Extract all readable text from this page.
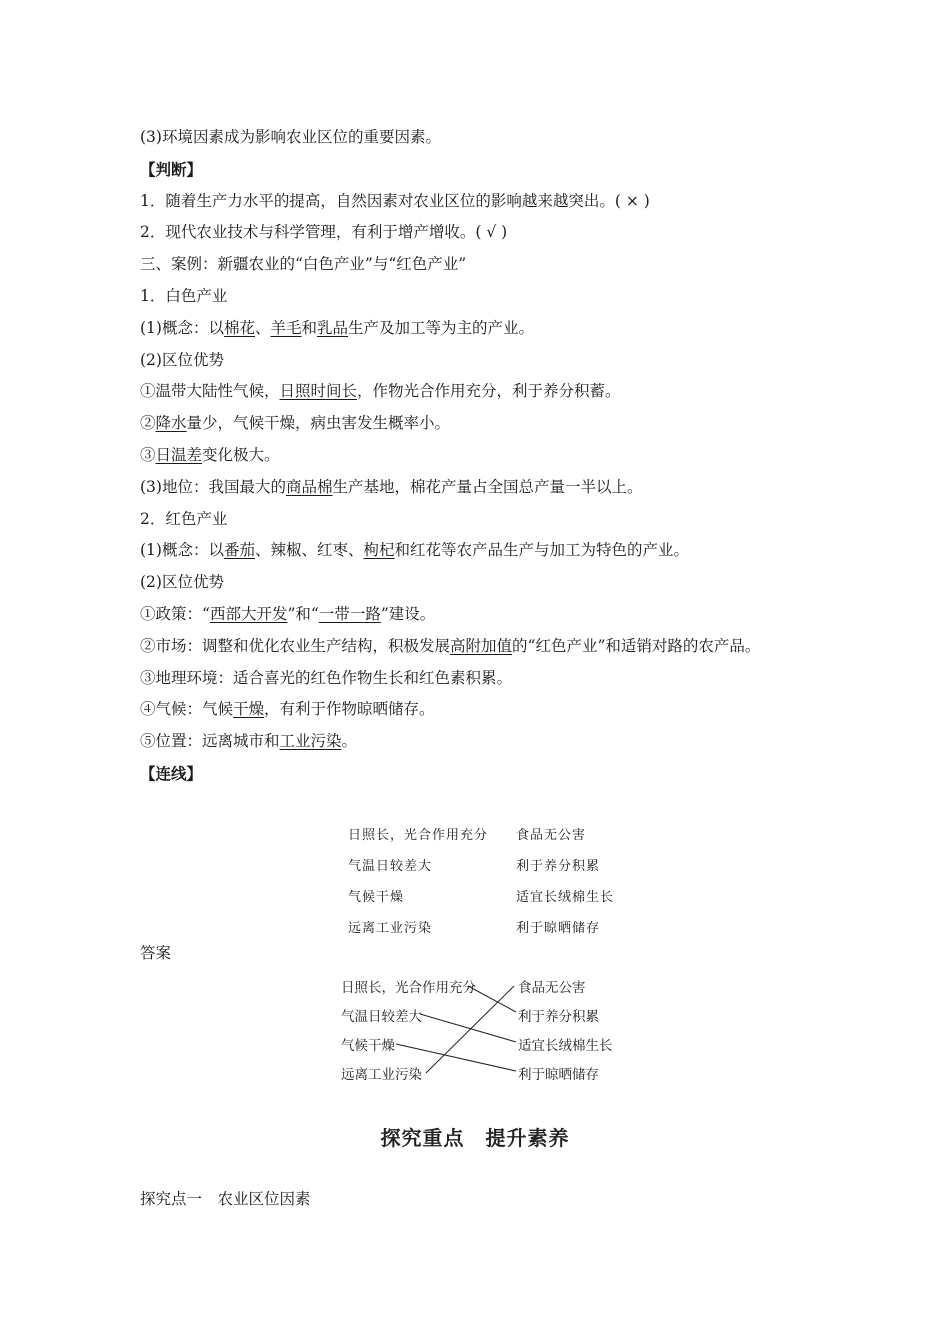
(3)环境因素成为影响农业区位的重要因素。
【判断】
1．随着生产力水平的提高，自然因素对农业区位的影响越来越突出。( × )
2．现代农业技术与科学管理，有利于增产增收。( √ )
三、案例：新疆农业的“白色产业”与“红色产业”
1．白色产业
(1)概念：以棉花、羊毛和乳品生产及加工等为主的产业。
(2)区位优势
①温带大陆性气候，日照时间长，作物光合作用充分，利于养分积蓄。
②降水量少，气候干燥，病虫害发生概率小。
③日温差变化极大。
(3)地位：我国最大的商品棉生产基地，棉花产量占全国总产量一半以上。
2．红色产业
(1)概念：以番茄、辣椒、红枣、枸杞和红花等农产品生产与加工为特色的产业。
(2)区位优势
①政策：“西部大开发”和“一带一路”建设。
②市场：调整和优化农业生产结构，积极发展高附加值的“红色产业”和适销对路的农产品。
③地理环境：适合喜光的红色作物生长和红色素积累。
④气候：气候干燥，有利于作物晾晒储存。
⑤位置：远离城市和工业污染。
【连线】
日照长，光合作用充分
气温日较差大
气候干燥
远离工业污染
食品无公害
利于养分积累
适宜长绒棉生长
利于晾晒储存
答案
日照长，光合作用充分
气温日较差大
气候干燥
远离工业污染
食品无公害
利于养分积累
适宜长绒棉生长
利于晾晒储存
探究重点　提升素养
探究点一　农业区位因素
